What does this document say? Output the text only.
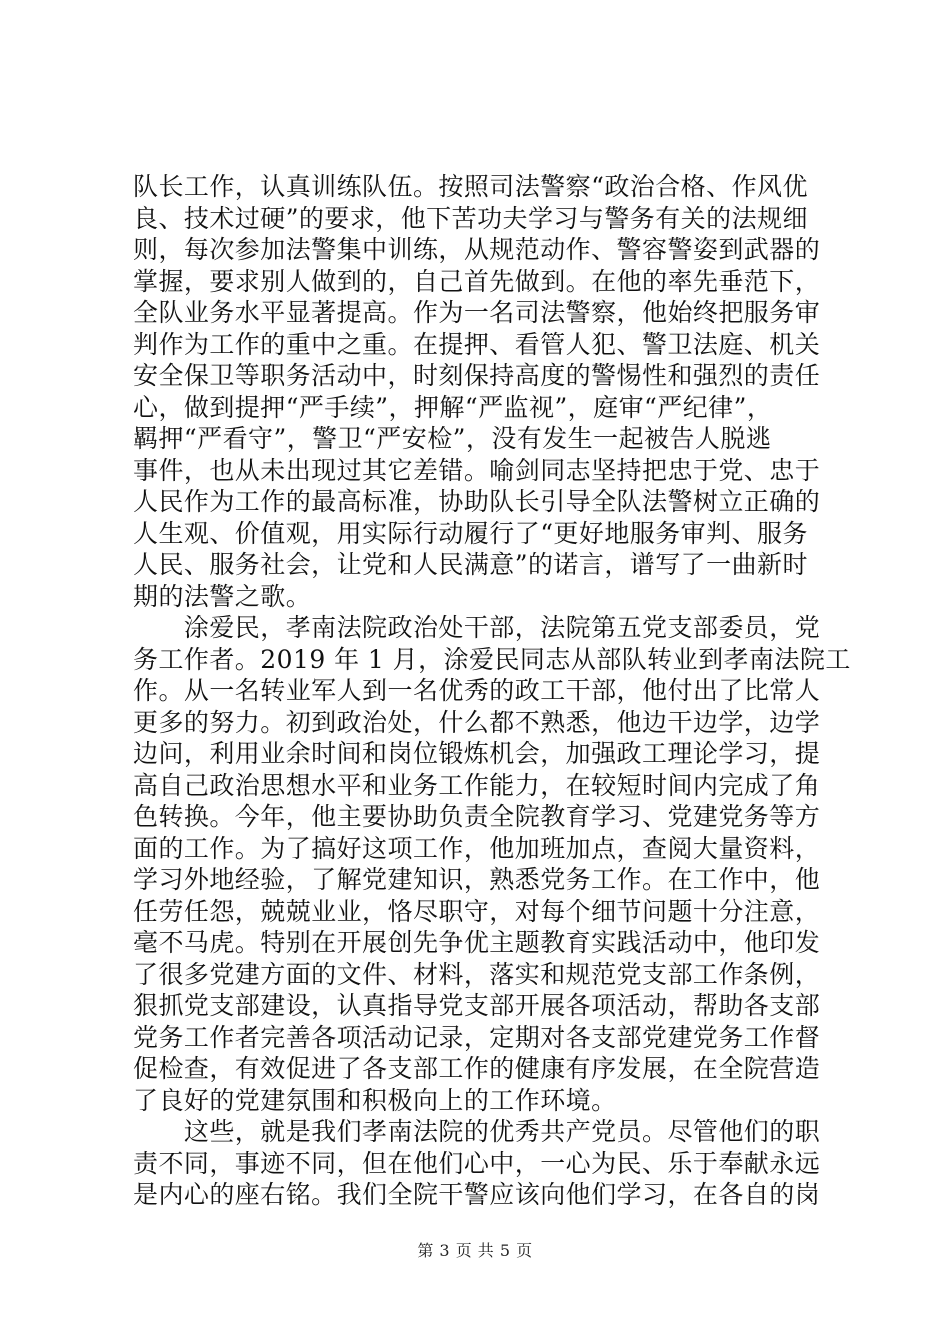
队长工作，认真训练队伍。按照司法警察“政治合格、作风优
良、技术过硬”的要求，他下苦功夫学习与警务有关的法规细
则，每次参加法警集中训练，从规范动作、警容警姿到武器的
掌握，要求别人做到的，自己首先做到。在他的率先垂范下，
全队业务水平显著提高。作为一名司法警察，他始终把服务审
判作为工作的重中之重。在提押、看管人犯、警卫法庭、机关
安全保卫等职务活动中，时刻保持高度的警惕性和强烈的责任
心，做到提押“严手续”，押解“严监视”，庭审“严纪律”，
羁押“严看守”，警卫“严安检”，没有发生一起被告人脱逃
事件，也从未出现过其它差错。喻剑同志坚持把忠于党、忠于
人民作为工作的最高标准，协助队长引导全队法警树立正确的
人生观、价值观，用实际行动履行了“更好地服务审判、服务
人民、服务社会，让党和人民满意”的诺言，谱写了一曲新时
期的法警之歌。
　　涂爱民，孝南法院政治处干部，法院第五党支部委员，党
务工作者。2019 年 1 月，涂爱民同志从部队转业到孝南法院工
作。从一名转业军人到一名优秀的政工干部，他付出了比常人
更多的努力。初到政治处，什么都不熟悉，他边干边学，边学
边问，利用业余时间和岗位锻炼机会，加强政工理论学习，提
高自己政治思想水平和业务工作能力，在较短时间内完成了角
色转换。今年，他主要协助负责全院教育学习、党建党务等方
面的工作。为了搞好这项工作，他加班加点，查阅大量资料，
学习外地经验，了解党建知识，熟悉党务工作。在工作中，他
任劳任怨，兢兢业业，恪尽职守，对每个细节问题十分注意，
毫不马虎。特别在开展创先争优主题教育实践活动中，他印发
了很多党建方面的文件、材料，落实和规范党支部工作条例，
狠抓党支部建设，认真指导党支部开展各项活动，帮助各支部
党务工作者完善各项活动记录，定期对各支部党建党务工作督
促检查，有效促进了各支部工作的健康有序发展，在全院营造
了良好的党建氛围和积极向上的工作环境。
　　这些，就是我们孝南法院的优秀共产党员。尽管他们的职
责不同，事迹不同，但在他们心中，一心为民、乐于奉献永远
是内心的座右铭。我们全院干警应该向他们学习，在各自的岗
第 3 页 共 5 页
